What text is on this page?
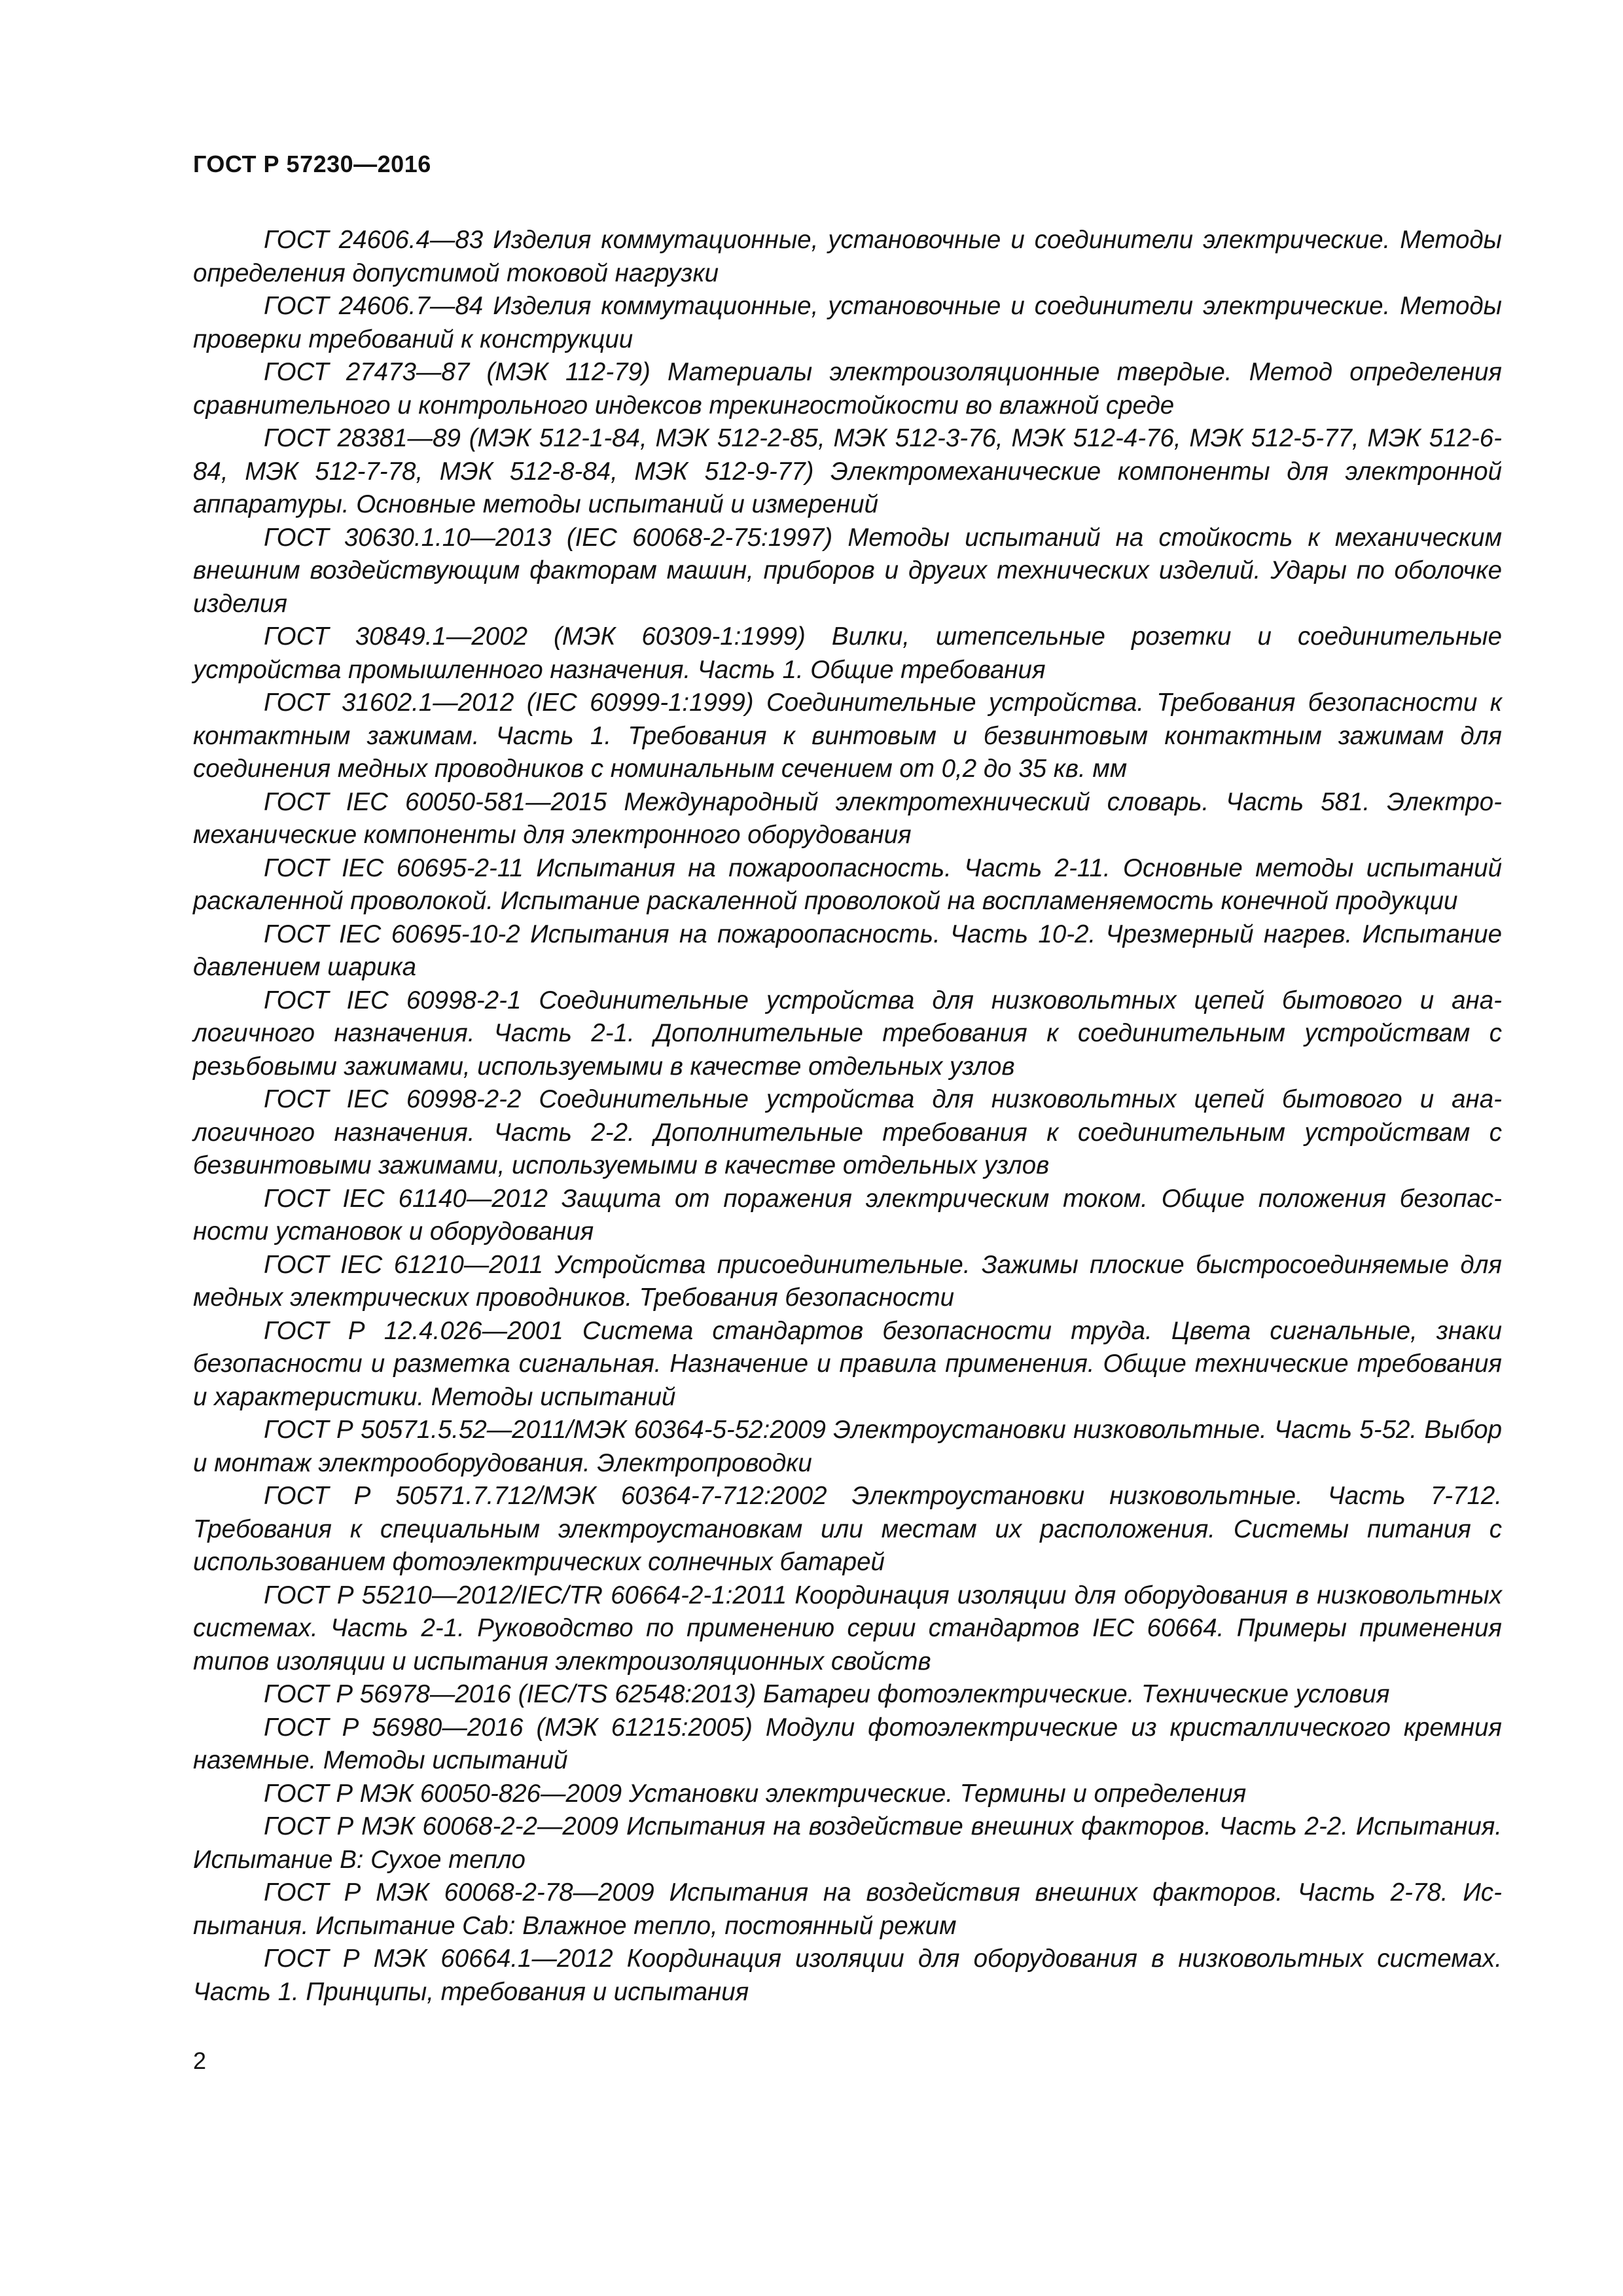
ГОСТ Р 57230—2016
ГОСТ 24606.4—83 Изделия коммутационные, установочные и соединители электрические. Методы определения допустимой токовой нагрузки
ГОСТ 24606.7—84 Изделия коммутационные, установочные и соединители электрические. Методы проверки требований к конструкции
ГОСТ 27473—87 (МЭК 112-79) Материалы электроизоляционные твердые. Метод определения сравнительного и контрольного индексов трекингостойкости во влажной среде
ГОСТ 28381—89 (МЭК 512-1-84, МЭК 512-2-85, МЭК 512-3-76, МЭК 512-4-76, МЭК 512-5-77, МЭК 512-6-84, МЭК 512-7-78, МЭК 512-8-84, МЭК 512-9-77) Электромеханические компоненты для электронной аппаратуры. Основные методы испытаний и измерений
ГОСТ 30630.1.10—2013 (IEC 60068-2-75:1997) Методы испытаний на стойкость к механическим внешним воздействующим факторам машин, приборов и других технических изделий. Удары по оболочке изделия
ГОСТ 30849.1—2002 (МЭК 60309-1:1999) Вилки, штепсельные розетки и соединительные устройства промышленного назначения. Часть 1. Общие требования
ГОСТ 31602.1—2012 (IEC 60999-1:1999) Соединительные устройства. Требования безопасности к контактным зажимам. Часть 1. Требования к винтовым и безвинтовым контактным зажимам для соединения медных проводников с номинальным сечением от 0,2 до 35 кв. мм
ГОСТ IEC 60050-581—2015 Международный электротехнический словарь. Часть 581. Электромеханические компоненты для электронного оборудования
ГОСТ IEC 60695-2-11 Испытания на пожароопасность. Часть 2-11. Основные методы испытаний раскаленной проволокой. Испытание раскаленной проволокой на воспламеняемость конечной продукции
ГОСТ IEC 60695-10-2 Испытания на пожароопасность. Часть 10-2. Чрезмерный нагрев. Испытание давлением шарика
ГОСТ IEC 60998-2-1 Соединительные устройства для низковольтных цепей бытового и аналогичного назначения. Часть 2-1. Дополнительные требования к соединительным устройствам с резьбовыми зажимами, используемыми в качестве отдельных узлов
ГОСТ IEC 60998-2-2 Соединительные устройства для низковольтных цепей бытового и аналогичного назначения. Часть 2-2. Дополнительные требования к соединительным устройствам с безвинтовыми зажимами, используемыми в качестве отдельных узлов
ГОСТ IEC 61140—2012 Защита от поражения электрическим током. Общие положения безопасности установок и оборудования
ГОСТ IEC 61210—2011 Устройства присоединительные. Зажимы плоские быстросоединяемые для медных электрических проводников. Требования безопасности
ГОСТ Р 12.4.026—2001 Система стандартов безопасности труда. Цвета сигнальные, знаки безопасности и разметка сигнальная. Назначение и правила применения. Общие технические требования и характеристики. Методы испытаний
ГОСТ Р 50571.5.52—2011/МЭК 60364-5-52:2009 Электроустановки низковольтные. Часть 5-52. Выбор и монтаж электрооборудования. Электропроводки
ГОСТ Р 50571.7.712/МЭК 60364-7-712:2002 Электроустановки низковольтные. Часть 7-712. Требования к специальным электроустановкам или местам их расположения. Системы питания с использованием фотоэлектрических солнечных батарей
ГОСТ Р 55210—2012/IEC/TR 60664-2-1:2011 Координация изоляции для оборудования в низковольтных системах. Часть 2-1. Руководство по применению серии стандартов IEC 60664. Примеры применения типов изоляции и испытания электроизоляционных свойств
ГОСТ Р 56978—2016 (IEC/TS 62548:2013) Батареи фотоэлектрические. Технические условия
ГОСТ Р 56980—2016 (МЭК 61215:2005) Модули фотоэлектрические из кристаллического кремния наземные. Методы испытаний
ГОСТ Р МЭК 60050-826—2009 Установки электрические. Термины и определения
ГОСТ Р МЭК 60068-2-2—2009 Испытания на воздействие внешних факторов. Часть 2-2. Испытания. Испытание В: Сухое тепло
ГОСТ Р МЭК 60068-2-78—2009 Испытания на воздействия внешних факторов. Часть 2-78. Испытания. Испытание Cab: Влажное тепло, постоянный режим
ГОСТ Р МЭК 60664.1—2012 Координация изоляции для оборудования в низковольтных системах. Часть 1. Принципы, требования и испытания
2
